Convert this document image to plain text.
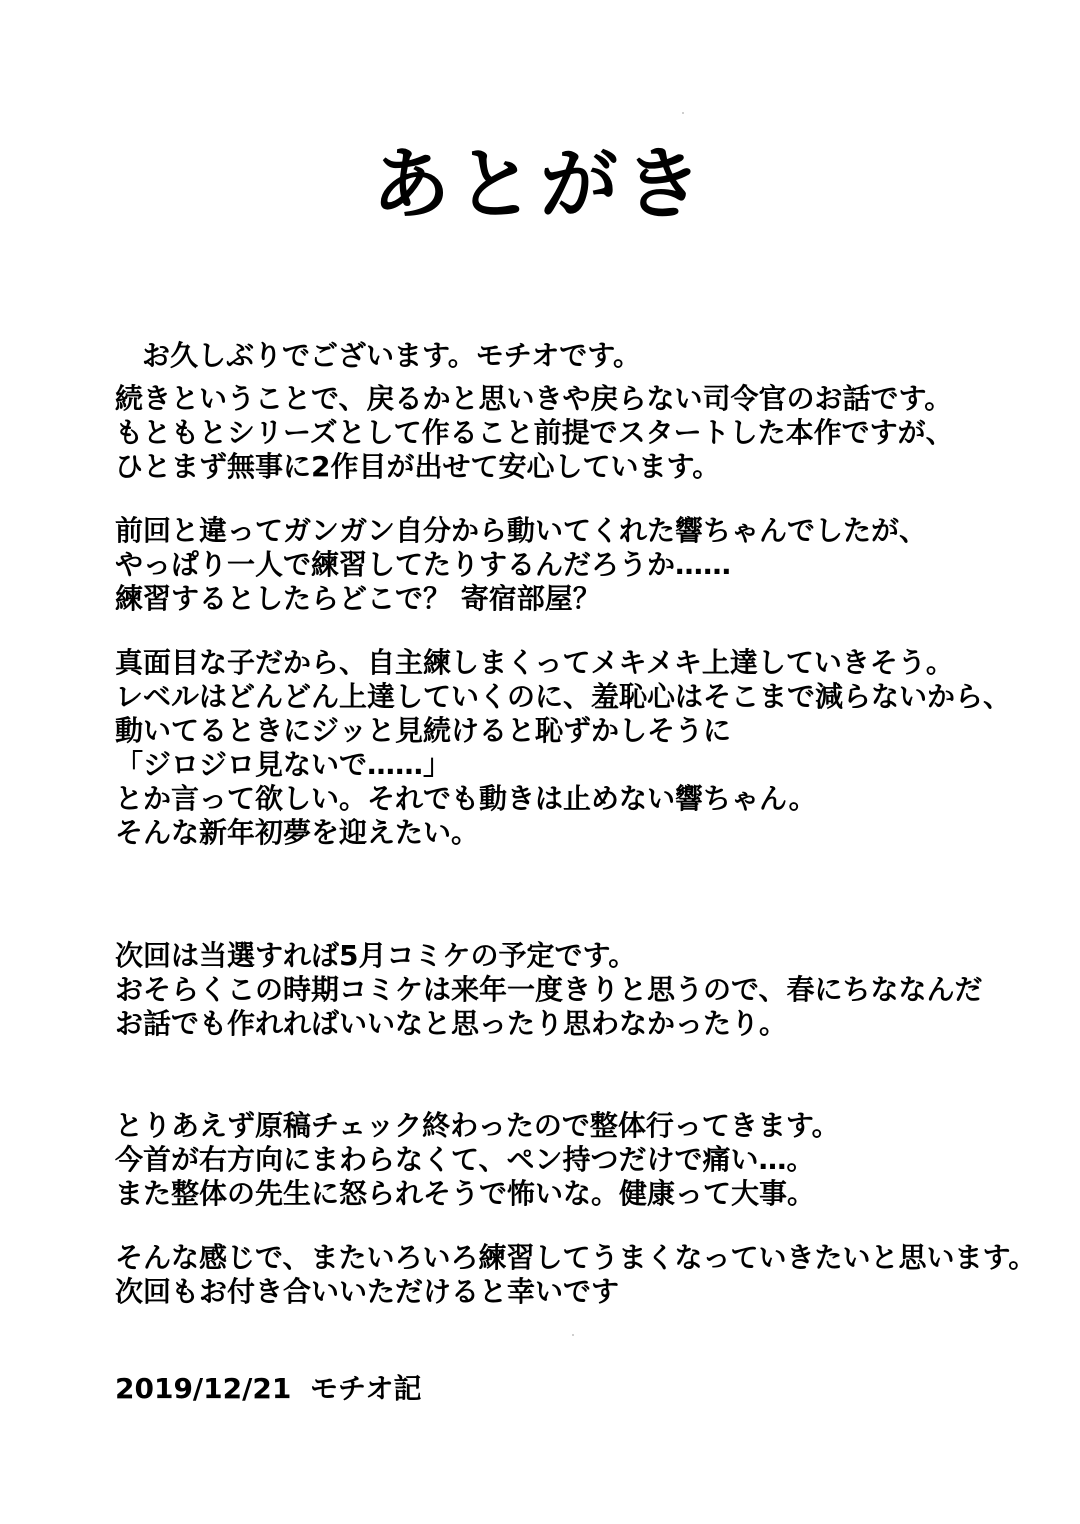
あとがき
お久しぶりでございます。モチオです。
続きということで、戻るかと思いきや戻らない司令官のお話です。
もともとシリーズとして作ること前提でスタートした本作ですが、
ひとまず無事に2作目が出せて安心しています。
前回と違ってガンガン自分から動いてくれた響ちゃんでしたが、
やっぱり一人で練習してたりするんだろうか……
練習するとしたらどこで？ 寄宿部屋？
真面目な子だから、自主練しまくってメキメキ上達していきそう。
レベルはどんどん上達していくのに、羞恥心はそこまで減らないから、
動いてるときにジッと見続けると恥ずかしそうに
「ジロジロ見ないで……」
とか言って欲しい。それでも動きは止めない響ちゃん。
そんな新年初夢を迎えたい。
次回は当選すれば5月コミケの予定です。
おそらくこの時期コミケは来年一度きりと思うので、春にちななんだ
お話でも作れればいいなと思ったり思わなかったり。
とりあえず原稿チェック終わったので整体行ってきます。
今首が右方向にまわらなくて、ペン持つだけで痛い…。
また整体の先生に怒られそうで怖いな。健康って大事。
そんな感じで、またいろいろ練習してうまくなっていきたいと思います。
次回もお付き合いいただけると幸いです
2019/12/21 モチオ記
